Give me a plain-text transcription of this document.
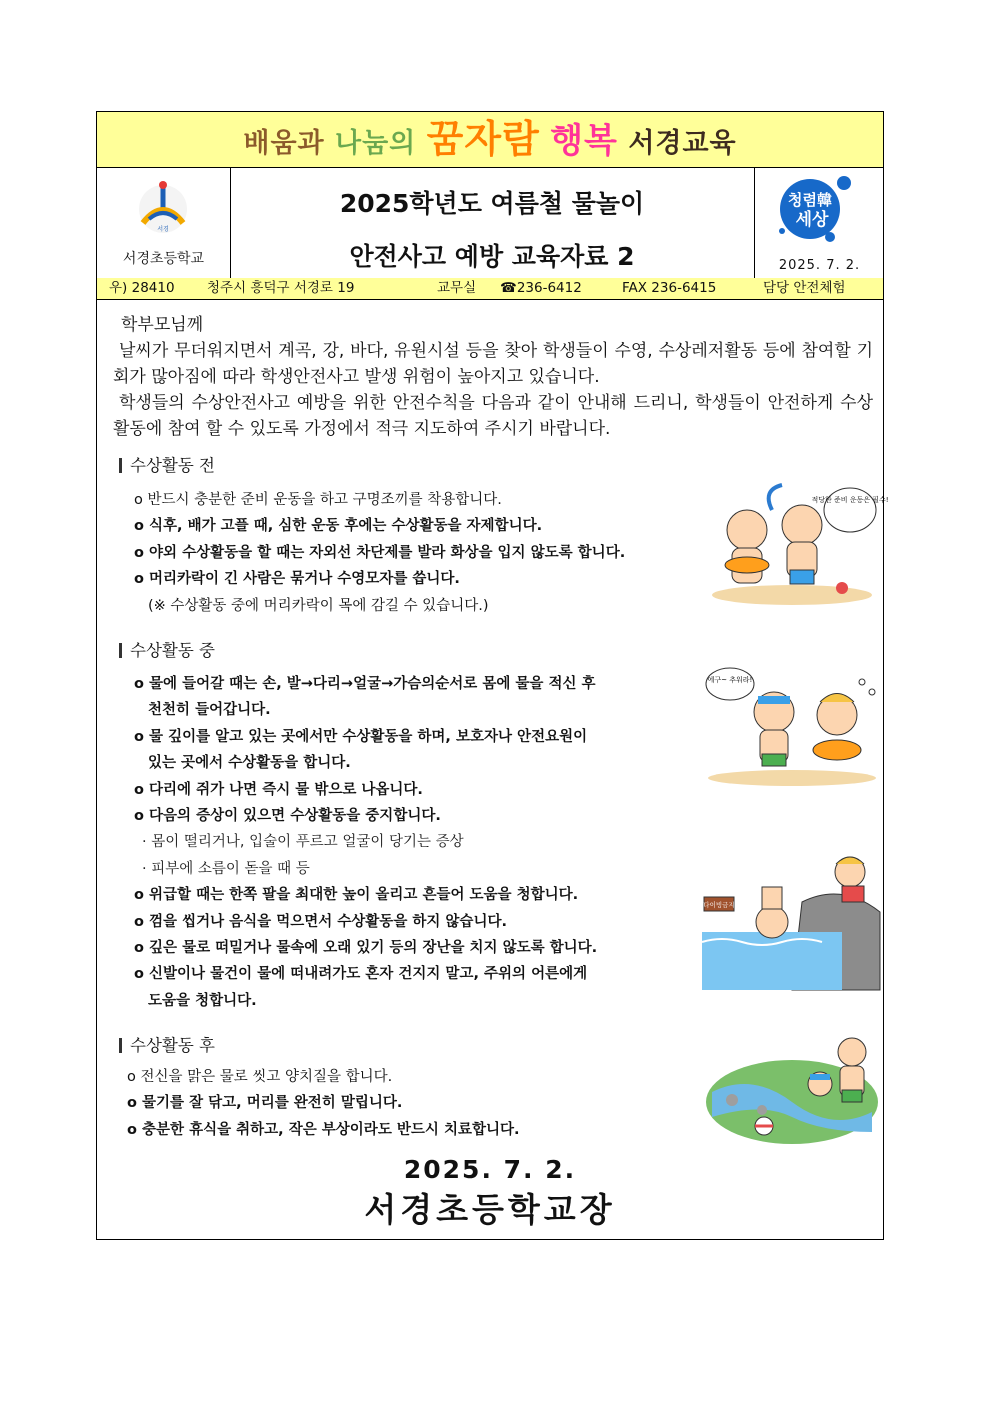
배움과 나눔의 꿈자람 행복 서경교육
서경
서경초등학교
2025학년도 여름철 물놀이
안전사고 예방 교육자료 2
청렴韓
세상
2025. 7. 2.
우) 28410 청주시 흥덕구 서경로 19	교무실 ☎236-6412	FAX 236-6415	담당 안전체험

학부모님께

날씨가 무더워지면서 계곡, 강, 바다, 유원시설 등을 찾아 학생들이 수영, 수상레저활동 등에 참여할 기회가 많아짐에 따라 학생안전사고 발생 위험이 높아지고 있습니다.

학생들의 수상안전사고 예방을 위한 안전수칙을 다음과 같이 안내해 드리니, 학생들이 안전하게 수상활동에 참여 할 수 있도록 가정에서 적극 지도하여 주시기 바랍니다.

수상활동 전
o 반드시 충분한 준비 운동을 하고 구명조끼를 착용합니다.
o 식후, 배가 고플 때, 심한 운동 후에는 수상활동을 자제합니다.
o 야외 수상활동을 할 때는 자외선 차단제를 발라 화상을 입지 않도록 합니다.
o 머리카락이 긴 사람은 묶거나 수영모자를 씁니다.
(※ 수상활동 중에 머리카락이 목에 감길 수 있습니다.)
적당한 준비 운동은 필수!
수상활동 중
o 물에 들어갈 때는 손, 발→다리→얼굴→가슴의순서로 몸에 물을 적신 후
천천히 들어갑니다.
o 물 깊이를 알고 있는 곳에서만 수상활동을 하며, 보호자나 안전요원이
있는 곳에서 수상활동을 합니다.
o 다리에 쥐가 나면 즉시 물 밖으로 나옵니다.
o 다음의 증상이 있으면 수상활동을 중지합니다.
· 몸이 떨리거나, 입술이 푸르고 얼굴이 당기는 증상
· 피부에 소름이 돋을 때 등
o 위급할 때는 한쪽 팔을 최대한 높이 올리고 흔들어 도움을 청합니다.
o 껌을 씹거나 음식을 먹으면서 수상활동을 하지 않습니다.
o 깊은 물로 떠밀거나 물속에 오래 있기 등의 장난을 치지 않도록 합니다.
o 신발이나 물건이 물에 떠내려가도 혼자 건지지 말고, 주위의 어른에게
도움을 청합니다.
에구~ 추워라!
다이빙금지
수상활동 후
o 전신을 맑은 물로 씻고 양치질을 합니다.
o 물기를 잘 닦고, 머리를 완전히 말립니다.
o 충분한 휴식을 취하고, 작은 부상이라도 반드시 치료합니다.
2025. 7. 2.
서경초등학교장
